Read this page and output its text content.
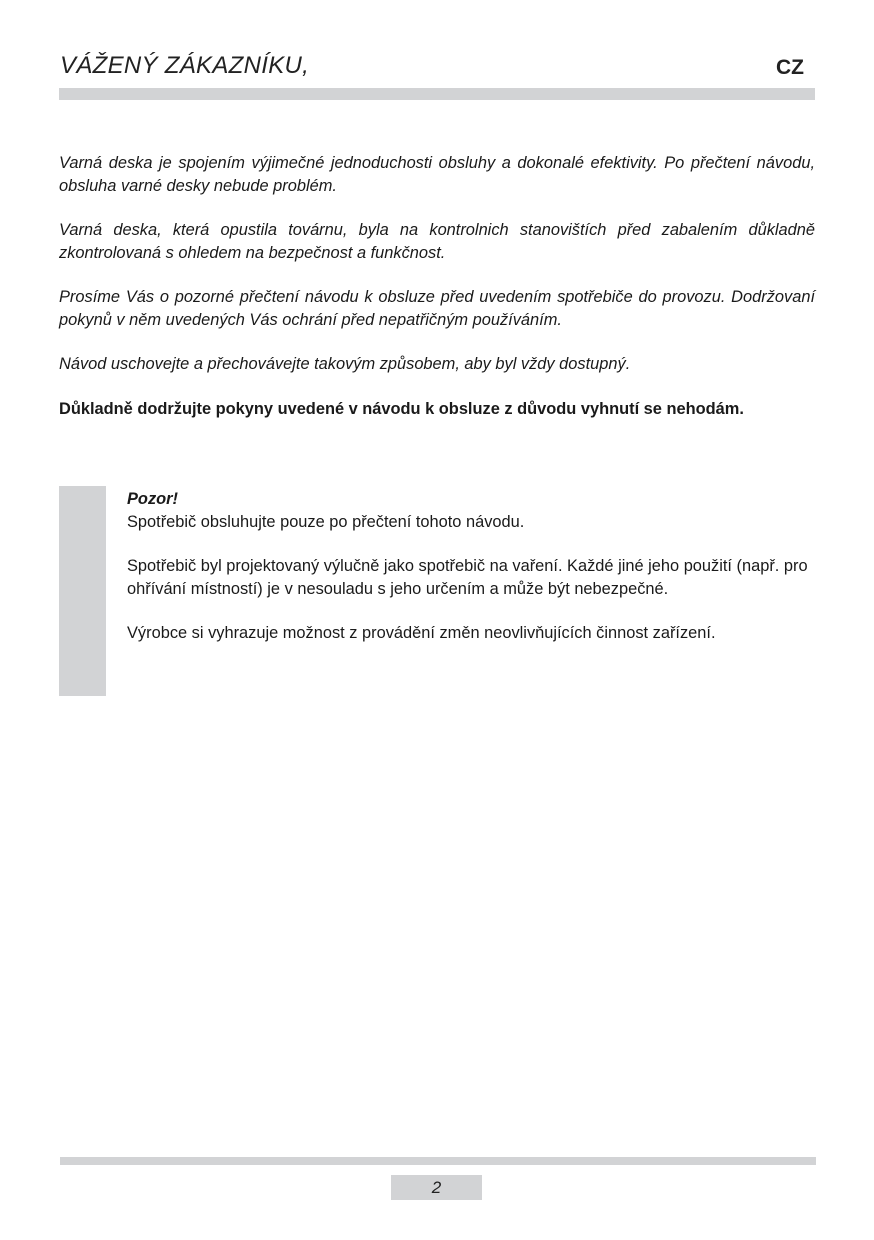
VÁŽENÝ ZÁKAZNÍKU,	CZ

Varná deska je spojením výjimečné jednoduchosti obsluhy a dokonalé efektivity. Po přečtení návodu, obsluha varné desky nebude problém.

Varná deska, která opustila továrnu, byla na kontrolnich stanovištích před zabalením důkladně zkontrolovaná s ohledem na bezpečnost a funkčnost.

Prosíme Vás o pozorné přečtení návodu k obsluze před uvedením spotřebiče do provozu. Dodržovaní pokynů v něm uvedených Vás ochrání před nepatřičným používáním.

Návod uschovejte a přechovávejte takovým způsobem, aby byl vždy dostupný.

Důkladně dodržujte pokyny uvedené v návodu k obsluze z důvodu vyhnutí se nehodám.

Pozor!

Spotřebič obsluhujte pouze po přečtení tohoto návodu.

Spotřebič byl projektovaný výlučně jako spotřebič na vaření. Každé jiné jeho použití (např. pro ohřívání místností) je v nesouladu s jeho určením a může být nebezpečné.

Výrobce si vyhrazuje možnost z provádění změn neovlivňujících činnost zařízení.

2
